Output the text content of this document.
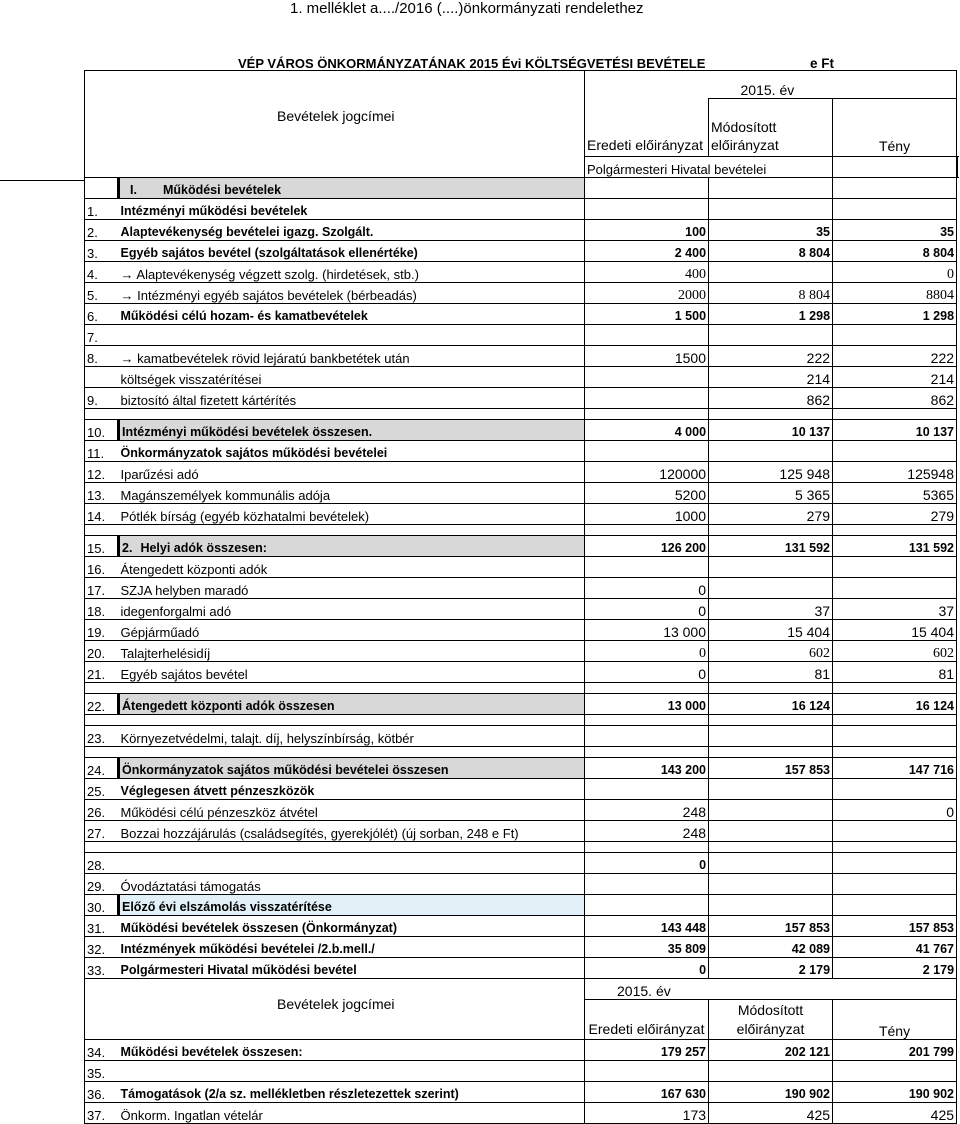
1. melléklet a..../2016 (....)önkormányzati rendelethez
VÉP VÁROS ÖNKORMÁNYZATÁNAK 2015 Évi KÖLTSÉGVETÉSI BEVÉTELE	e Ft
Bevételek jogcímei			2015. év		
		Eredeti előirányzat	Módosított előirányzat	Tény	
		Polgármesteri Hivatal bevételei			
	I. Működési bevételek				
1.	Intézményi működési bevételek				
2.	Alaptevékenység bevételei igazg. Szolgált.	100	35	35	
3.	Egyéb sajátos bevétel (szolgáltatások ellenértéke)	2 400	8 804	8 804	
4.	→ Alaptevékenység végzett szolg. (hirdetések, stb.)	400		0	
5.	→ Intézményi egyéb sajátos bevételek (bérbeadás)	2000	8 804	8804	
6.	Működési célú hozam- és kamatbevételek	1 500	1 298	1 298	
7.					
8.	→ kamatbevételek rövid lejáratú bankbetétek után	1500	222	222	
	költségek visszatérítései		214	214	
9.	biztosító által fizetett kártérítés		862	862	

10.	Intézményi működési bevételek összesen.	4 000	10 137	10 137	
11.	Önkormányzatok sajátos működési bevételei				
12.	Iparűzési adó	120000	125 948	125948	
13.	Magánszemélyek kommunális adója	5200	5 365	5365	
14.	Pótlék bírság (egyéb közhatalmi bevételek)	1000	279	279	

15.	2. Helyi adók összesen:	126 200	131 592	131 592	
16.	Átengedett központi adók				
17.	SZJA helyben maradó	0			
18.	idegenforgalmi adó	0	37	37	
19.	Gépjárműadó	13 000	15 404	15 404	
20.	Talajterhelésidíj	0	602	602	
21.	Egyéb sajátos bevétel	0	81	81	

22.	Átengedett központi adók összesen	13 000	16 124	16 124	

23.	Környezetvédelmi, talajt. díj, helyszínbírság, kötbér				

24.	Önkormányzatok sajátos működési bevételei összesen	143 200	157 853	147 716	
25.	Véglegesen átvett pénzeszközök				
26.	Működési célú pénzeszköz átvétel	248		0	
27.	Bozzai hozzájárulás (családsegítés, gyerekjólét) (új sorban, 248 e Ft)	248			

28.		0			
29.	Óvodáztatási támogatás				
30.	Előző évi elszámolás visszatérítése				
31.	Működési bevételek összesen (Önkormányzat)	143 448	157 853	157 853	
32.	Intézmények működési bevételei /2.b.mell./	35 809	42 089	41 767	
33.	Polgármesteri Hivatal működési bevétel	0	2 179	2 179	
Bevételek jogcímei		2015. év			
		Eredeti előirányzat	Módosított előirányzat	Tény	
34.	Működési bevételek összesen:	179 257	202 121	201 799	
35.					
36.	Támogatások (2/a sz. mellékletben részletezettek szerint)	167 630	190 902	190 902	
37.	Önkorm. Ingatlan vételár	173	425	425	
